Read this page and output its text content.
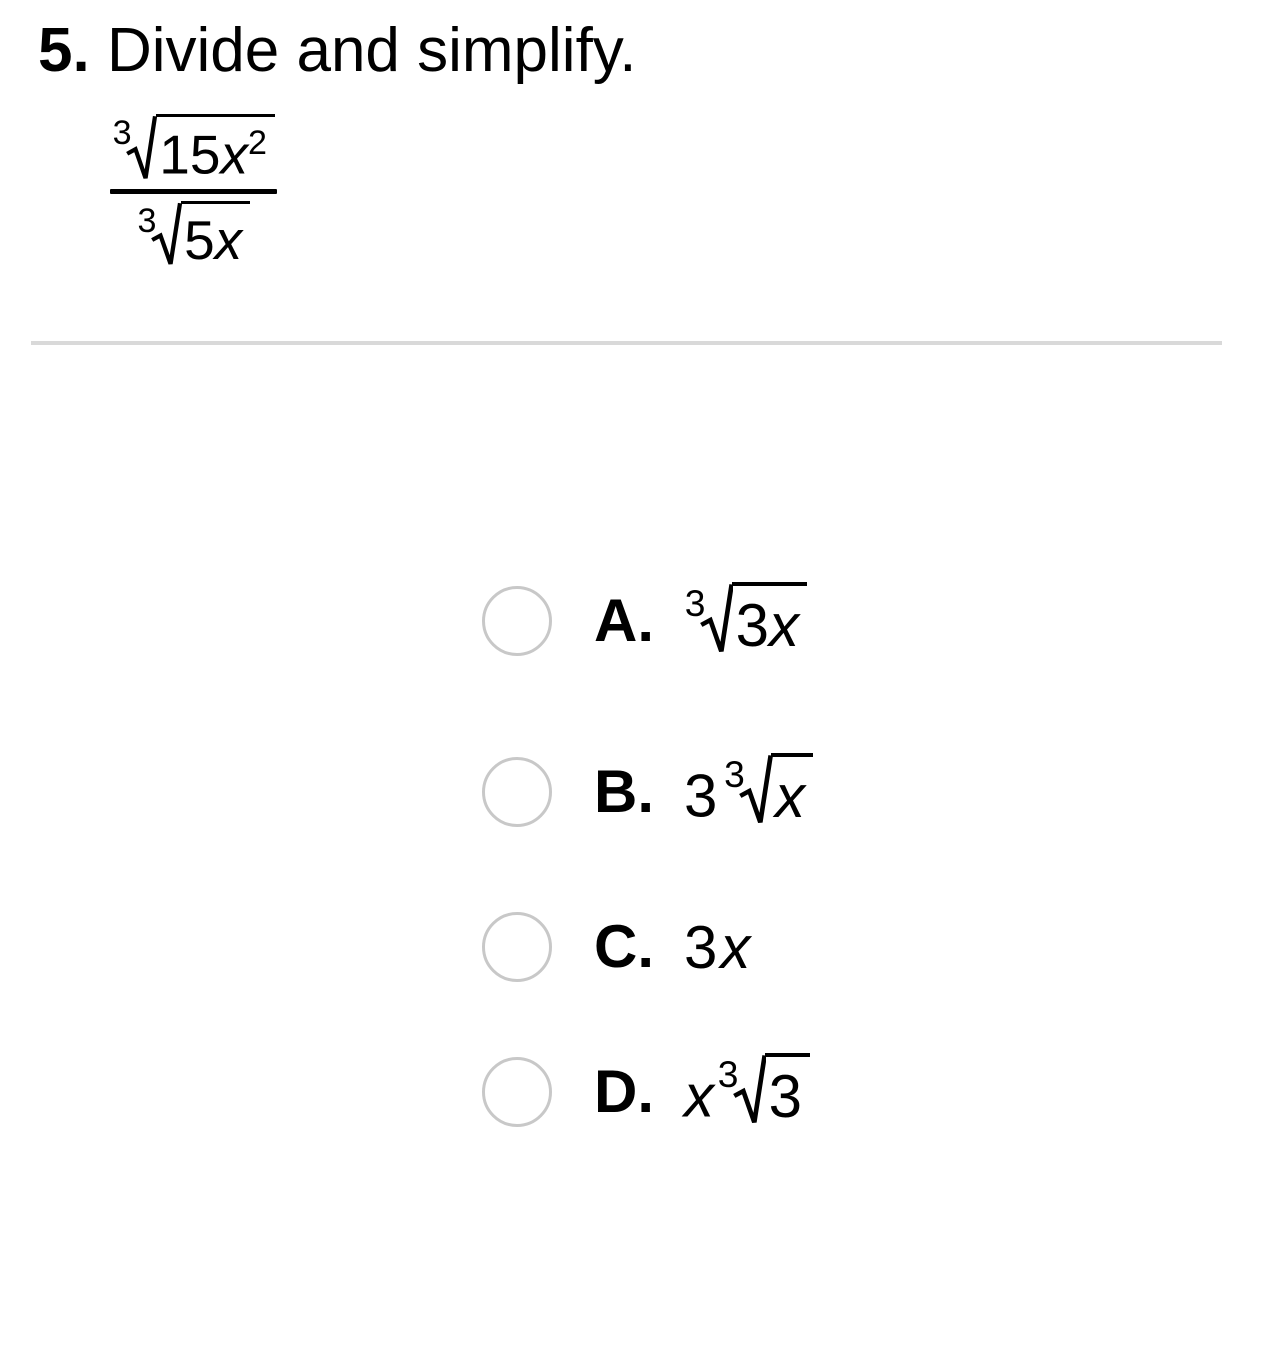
5. Divide and simplify.
3 $15x^2$
3 5x
A. 3 3x
B. 3 3 x
C. 3x
D. x 3 3
